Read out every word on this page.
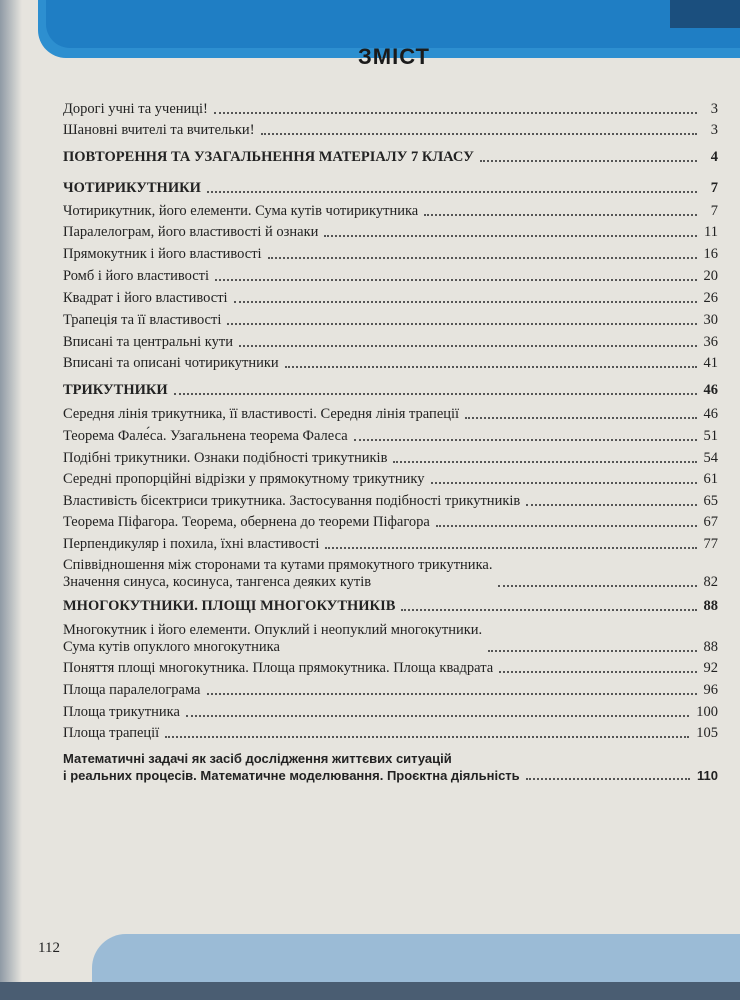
ЗМІСТ
Дорогі учні та учениці!	3
Шановні вчителі та вчительки!	3
ПОВТОРЕННЯ ТА УЗАГАЛЬНЕННЯ МАТЕРІАЛУ 7 КЛАСУ	4
ЧОТИРИКУТНИКИ	7
Чотирикутник, його елементи. Сума кутів чотирикутника	7
Паралелограм, його властивості й ознаки	11
Прямокутник і його властивості	16
Ромб і його властивості	20
Квадрат і його властивості	26
Трапеція та її властивості	30
Вписані та центральні кути	36
Вписані та описані чотирикутники	41
ТРИКУТНИКИ	46
Середня лінія трикутника, її властивості. Середня лінія трапеції	46
Теорема Фале́са. Узагальнена теорема Фалеса	51
Подібні трикутники. Ознаки подібності трикутників	54
Середні пропорційні відрізки у прямокутному трикутнику	61
Властивість бісектриси трикутника. Застосування подібності трикутників	65
Теорема Піфагора. Теорема, обернена до теореми Піфагора	67
Перпендикуляр і похила, їхні властивості	77
Співвідношення між сторонами та кутами прямокутного трикутника.
Значення синуса, косинуса, тангенса деяких кутів	82
МНОГОКУТНИКИ. ПЛОЩІ МНОГОКУТНИКІВ	88
Многокутник і його елементи. Опуклий і неопуклий многокутники.
Сума кутів опуклого многокутника	88
Поняття площі многокутника. Площа прямокутника. Площа квадрата	92
Площа паралелограма	96
Площа трикутника	100
Площа трапеції	105
Математичні задачі як засіб дослідження життєвих ситуацій
і реальних процесів. Математичне моделювання. Проєктна діяльність	110
112
